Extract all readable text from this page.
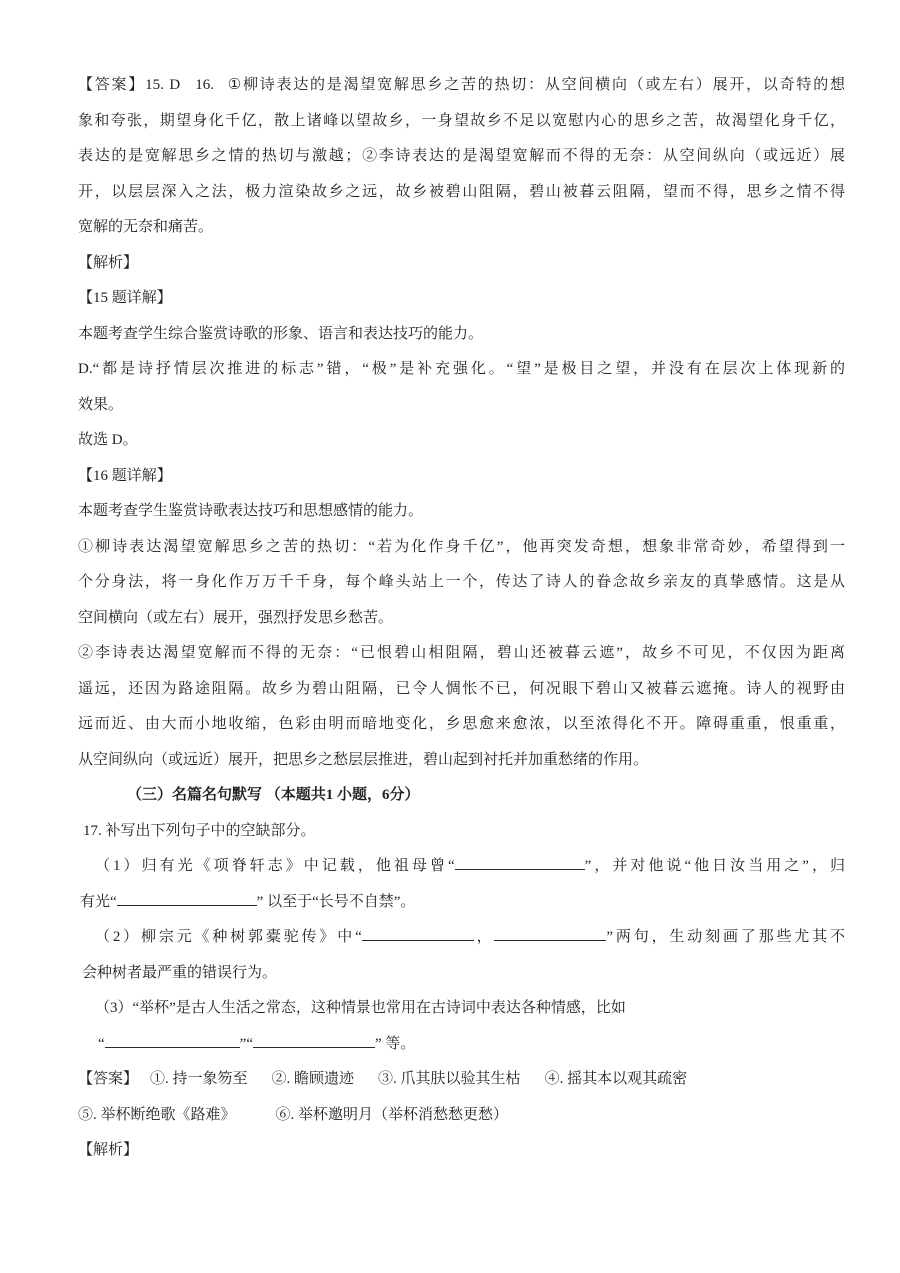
【答案】15. D 16. ①柳诗表达的是渴望宽解思乡之苦的热切：从空间横向（或左右）展开，以奇特的想
象和夸张，期望身化千亿，散上诸峰以望故乡，一身望故乡不足以宽慰内心的思乡之苦，故渴望化身千亿，
表达的是宽解思乡之情的热切与激越；②李诗表达的是渴望宽解而不得的无奈：从空间纵向（或远近）展
开，以层层深入之法，极力渲染故乡之远，故乡被碧山阻隔，碧山被暮云阻隔，望而不得，思乡之情不得
宽解的无奈和痛苦。
【解析】
【15 题详解】
本题考查学生综合鉴赏诗歌的形象、语言和表达技巧的能力。
D.“都是诗抒情层次推进的标志”错，“极”是补充强化。“望”是极目之望，并没有在层次上体现新的
效果。
故选 D。
【16 题详解】
本题考查学生鉴赏诗歌表达技巧和思想感情的能力。
①柳诗表达渴望宽解思乡之苦的热切：“若为化作身千亿”，他再突发奇想，想象非常奇妙，希望得到一
个分身法，将一身化作万万千千身，每个峰头站上一个，传达了诗人的眷念故乡亲友的真挚感情。这是从
空间横向（或左右）展开，强烈抒发思乡愁苦。
②李诗表达渴望宽解而不得的无奈：“已恨碧山相阻隔，碧山还被暮云遮”，故乡不可见，不仅因为距离
遥远，还因为路途阻隔。故乡为碧山阻隔，已令人惆怅不已，何况眼下碧山又被暮云遮掩。诗人的视野由
远而近、由大而小地收缩，色彩由明而暗地变化，乡思愈来愈浓，以至浓得化不开。障碍重重，恨重重，
从空间纵向（或远近）展开，把思乡之愁层层推进，碧山起到衬托并加重愁绪的作用。
（三）名篇名句默写 （本题共1 小题，6分）
17. 补写出下列句子中的空缺部分。
（1）归有光《项脊轩志》中记载，他祖母曾“	”，并对他说“他日汝当用之”，归
有光“	” 以至于“长号不自禁”。
（2）柳宗元《种树郭橐驼传》中“	，	”两句，生动刻画了那些尤其不
会种树者最严重的错误行为。
（3）“举杯”是古人生活之常态，这种情景也常用在古诗词中表达各种情感，比如
“	”“	” 等。
【答案】 ①. 持一象笏至 ②. 瞻顾遗迹 ③. 爪其肤以验其生枯 ④. 摇其本以观其疏密
⑤. 举杯断绝歌《路难》	⑥. 举杯邀明月（举杯消愁愁更愁）
【解析】
